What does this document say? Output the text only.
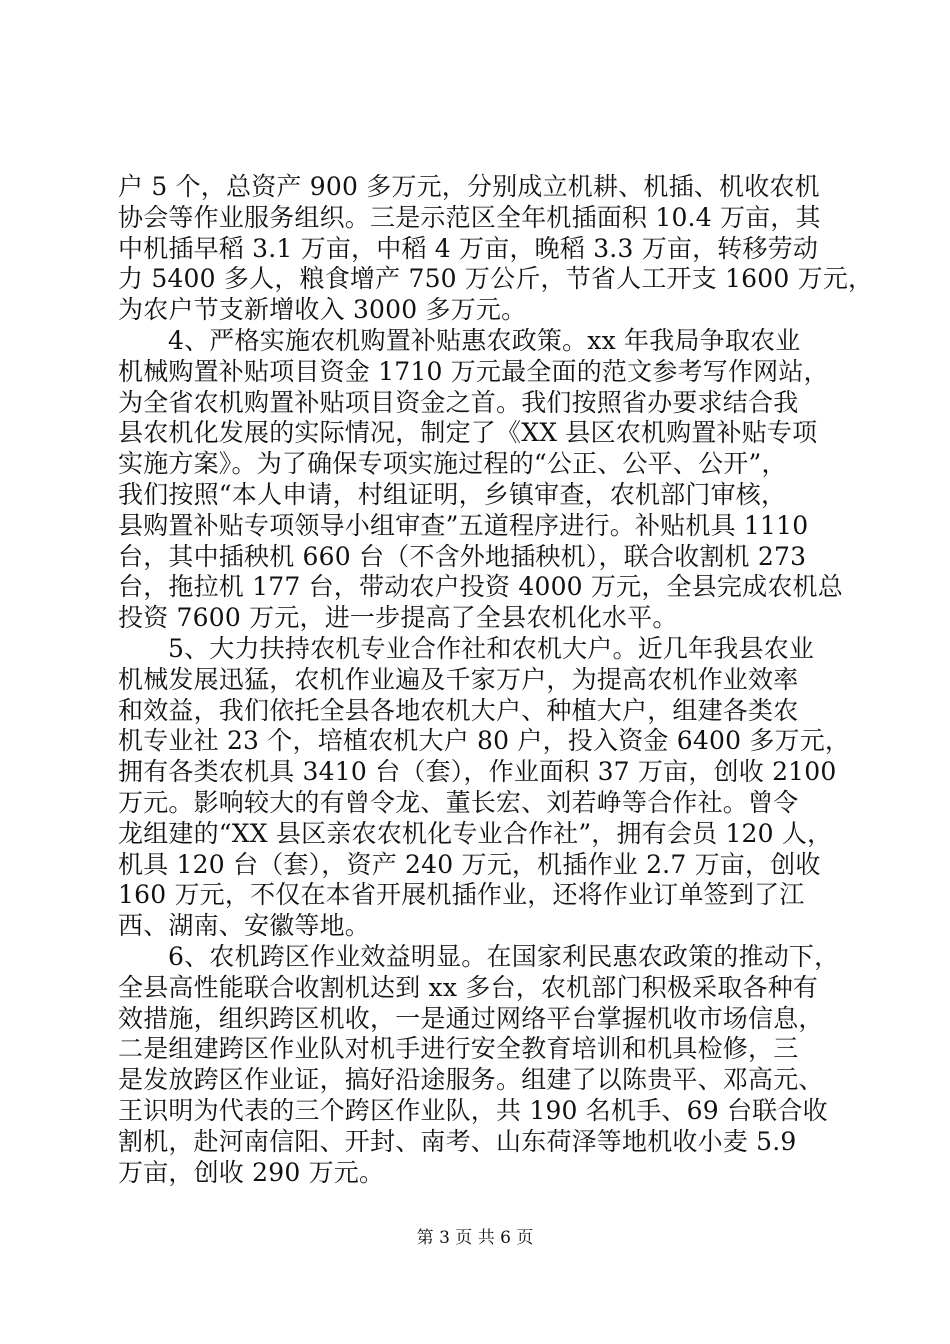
户 5 个，总资产 900 多万元，分别成立机耕、机插、机收农机
协会等作业服务组织。三是示范区全年机插面积 10.4 万亩，其
中机插早稻 3.1 万亩，中稻 4 万亩，晚稻 3.3 万亩，转移劳动
力 5400 多人，粮食增产 750 万公斤，节省人工开支 1600 万元，
为农户节支新增收入 3000 多万元。
4、严格实施农机购置补贴惠农政策。xx 年我局争取农业
机械购置补贴项目资金 1710 万元最全面的范文参考写作网站，
为全省农机购置补贴项目资金之首。我们按照省办要求结合我
县农机化发展的实际情况，制定了《XX 县区农机购置补贴专项
实施方案》。为了确保专项实施过程的“公正、公平、公开”，
我们按照“本人申请，村组证明，乡镇审查，农机部门审核，
县购置补贴专项领导小组审查”五道程序进行。补贴机具 1110
台，其中插秧机 660 台（不含外地插秧机），联合收割机 273
台，拖拉机 177 台，带动农户投资 4000 万元，全县完成农机总
投资 7600 万元，进一步提高了全县农机化水平。
5、大力扶持农机专业合作社和农机大户。近几年我县农业
机械发展迅猛，农机作业遍及千家万户，为提高农机作业效率
和效益，我们依托全县各地农机大户、种植大户，组建各类农
机专业社 23 个，培植农机大户 80 户，投入资金 6400 多万元，
拥有各类农机具 3410 台（套），作业面积 37 万亩，创收 2100
万元。影响较大的有曾令龙、董长宏、刘若峥等合作社。曾令
龙组建的“XX 县区亲农农机化专业合作社”，拥有会员 120 人，
机具 120 台（套），资产 240 万元，机插作业 2.7 万亩，创收
160 万元，不仅在本省开展机插作业，还将作业订单签到了江
西、湖南、安徽等地。
6、农机跨区作业效益明显。在国家利民惠农政策的推动下，
全县高性能联合收割机达到 xx 多台，农机部门积极采取各种有
效措施，组织跨区机收，一是通过网络平台掌握机收市场信息，
二是组建跨区作业队对机手进行安全教育培训和机具检修，三
是发放跨区作业证，搞好沿途服务。组建了以陈贵平、邓高元、
王识明为代表的三个跨区作业队，共 190 名机手、69 台联合收
割机，赴河南信阳、开封、南考、山东荷泽等地机收小麦 5.9
万亩，创收 290 万元。
第 3 页 共 6 页
